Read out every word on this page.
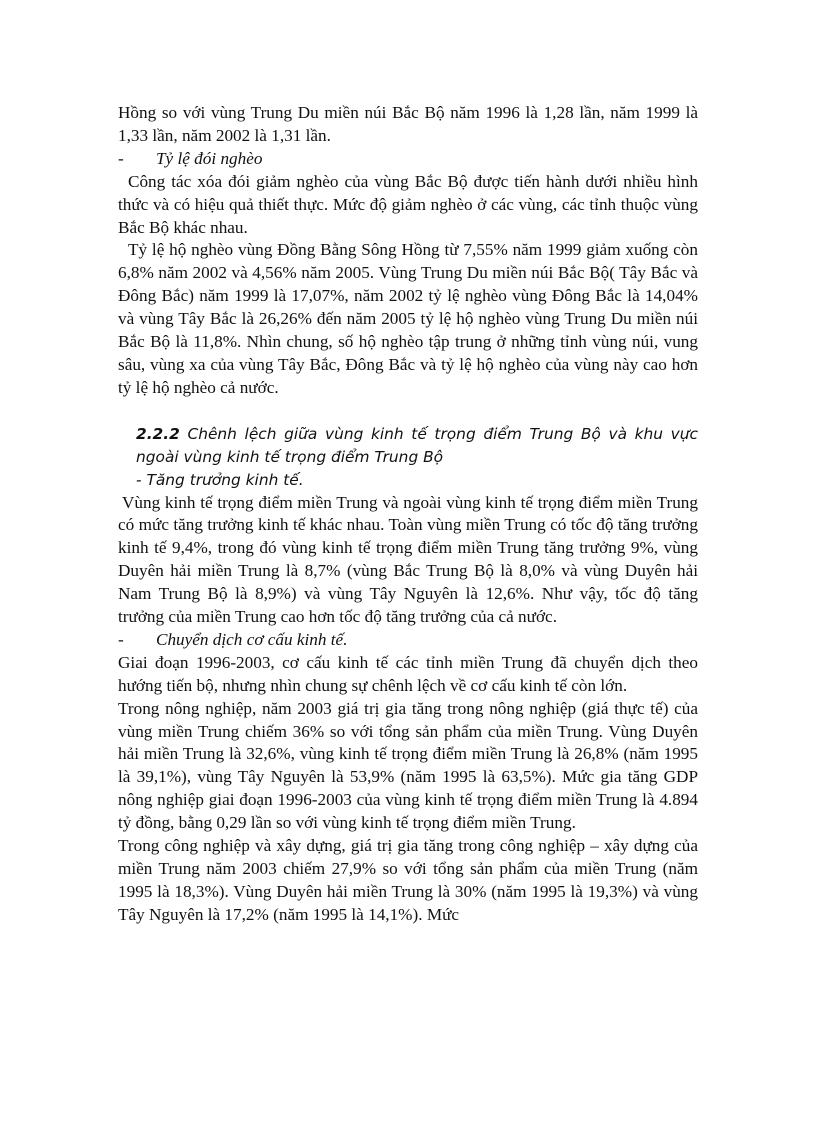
Hồng so với vùng Trung Du miền núi Bắc Bộ năm 1996 là 1,28 lần, năm 1999 là 1,33 lần, năm 2002 là 1,31 lần.

- Tỷ lệ đói nghèo

Công tác xóa đói giảm nghèo của vùng Bắc Bộ được tiến hành dưới nhiều hình thức và có hiệu quả thiết thực. Mức độ giảm nghèo ở các vùng, các tỉnh thuộc vùng Bắc Bộ khác nhau.

Tỷ lệ hộ nghèo vùng Đồng Bằng Sông Hồng từ 7,55% năm 1999 giảm xuống còn 6,8% năm 2002 và 4,56% năm 2005. Vùng Trung Du miền núi Bắc Bộ( Tây Bắc và Đông Bắc) năm 1999 là 17,07%, năm 2002 tỷ lệ nghèo vùng Đông Bắc là 14,04% và vùng Tây Bắc là 26,26% đến năm 2005 tỷ lệ hộ nghèo vùng Trung Du miền núi Bắc Bộ là 11,8%. Nhìn chung, số hộ nghèo tập trung ở những tỉnh vùng núi, vung sâu, vùng xa của vùng Tây Bắc, Đông Bắc và tỷ lệ hộ nghèo của vùng này cao hơn tỷ lệ hộ nghèo cả nước.

2.2.2 Chênh lệch giữa vùng kinh tế trọng điểm Trung Bộ và khu vực ngoài vùng kinh tế trọng điểm Trung Bộ

- Tăng trưởng kinh tế.

Vùng kinh tế trọng điểm miền Trung và ngoài vùng kinh tế trọng điểm miền Trung có mức tăng trưởng kinh tế khác nhau. Toàn vùng miền Trung có tốc độ tăng trưởng kinh tế 9,4%, trong đó vùng kinh tế trọng điểm miền Trung tăng trưởng 9%, vùng Duyên hải miền Trung là 8,7% (vùng Bắc Trung Bộ là 8,0% và vùng Duyên hải Nam Trung Bộ là 8,9%) và vùng Tây Nguyên là 12,6%. Như vậy, tốc độ tăng trưởng của miền Trung cao hơn tốc độ tăng trưởng của cả nước.

- Chuyển dịch cơ cấu kinh tế.

Giai đoạn 1996-2003, cơ cấu kinh tế các tỉnh miền Trung đã chuyển dịch theo hướng tiến bộ, nhưng nhìn chung sự chênh lệch về cơ cấu kinh tế còn lớn.

Trong nông nghiệp, năm 2003 giá trị gia tăng trong nông nghiệp (giá thực tế) của vùng miền Trung chiếm 36% so với tổng sản phẩm của miền Trung. Vùng Duyên hải miền Trung là 32,6%, vùng kinh tế trọng điểm miền Trung là 26,8% (năm 1995 là 39,1%), vùng Tây Nguyên là 53,9% (năm 1995 là 63,5%). Mức gia tăng GDP nông nghiệp giai đoạn 1996-2003 của vùng kinh tế trọng điểm miền Trung là 4.894 tỷ đồng, bằng 0,29 lần so với vùng kinh tế trọng điểm miền Trung.

Trong công nghiệp và xây dựng, giá trị gia tăng trong công nghiệp – xây dựng của miền Trung năm 2003 chiếm 27,9% so với tổng sản phẩm của miền Trung (năm 1995 là 18,3%). Vùng Duyên hải miền Trung là 30% (năm 1995 là 19,3%) và vùng Tây Nguyên là 17,2% (năm 1995 là 14,1%). Mức
